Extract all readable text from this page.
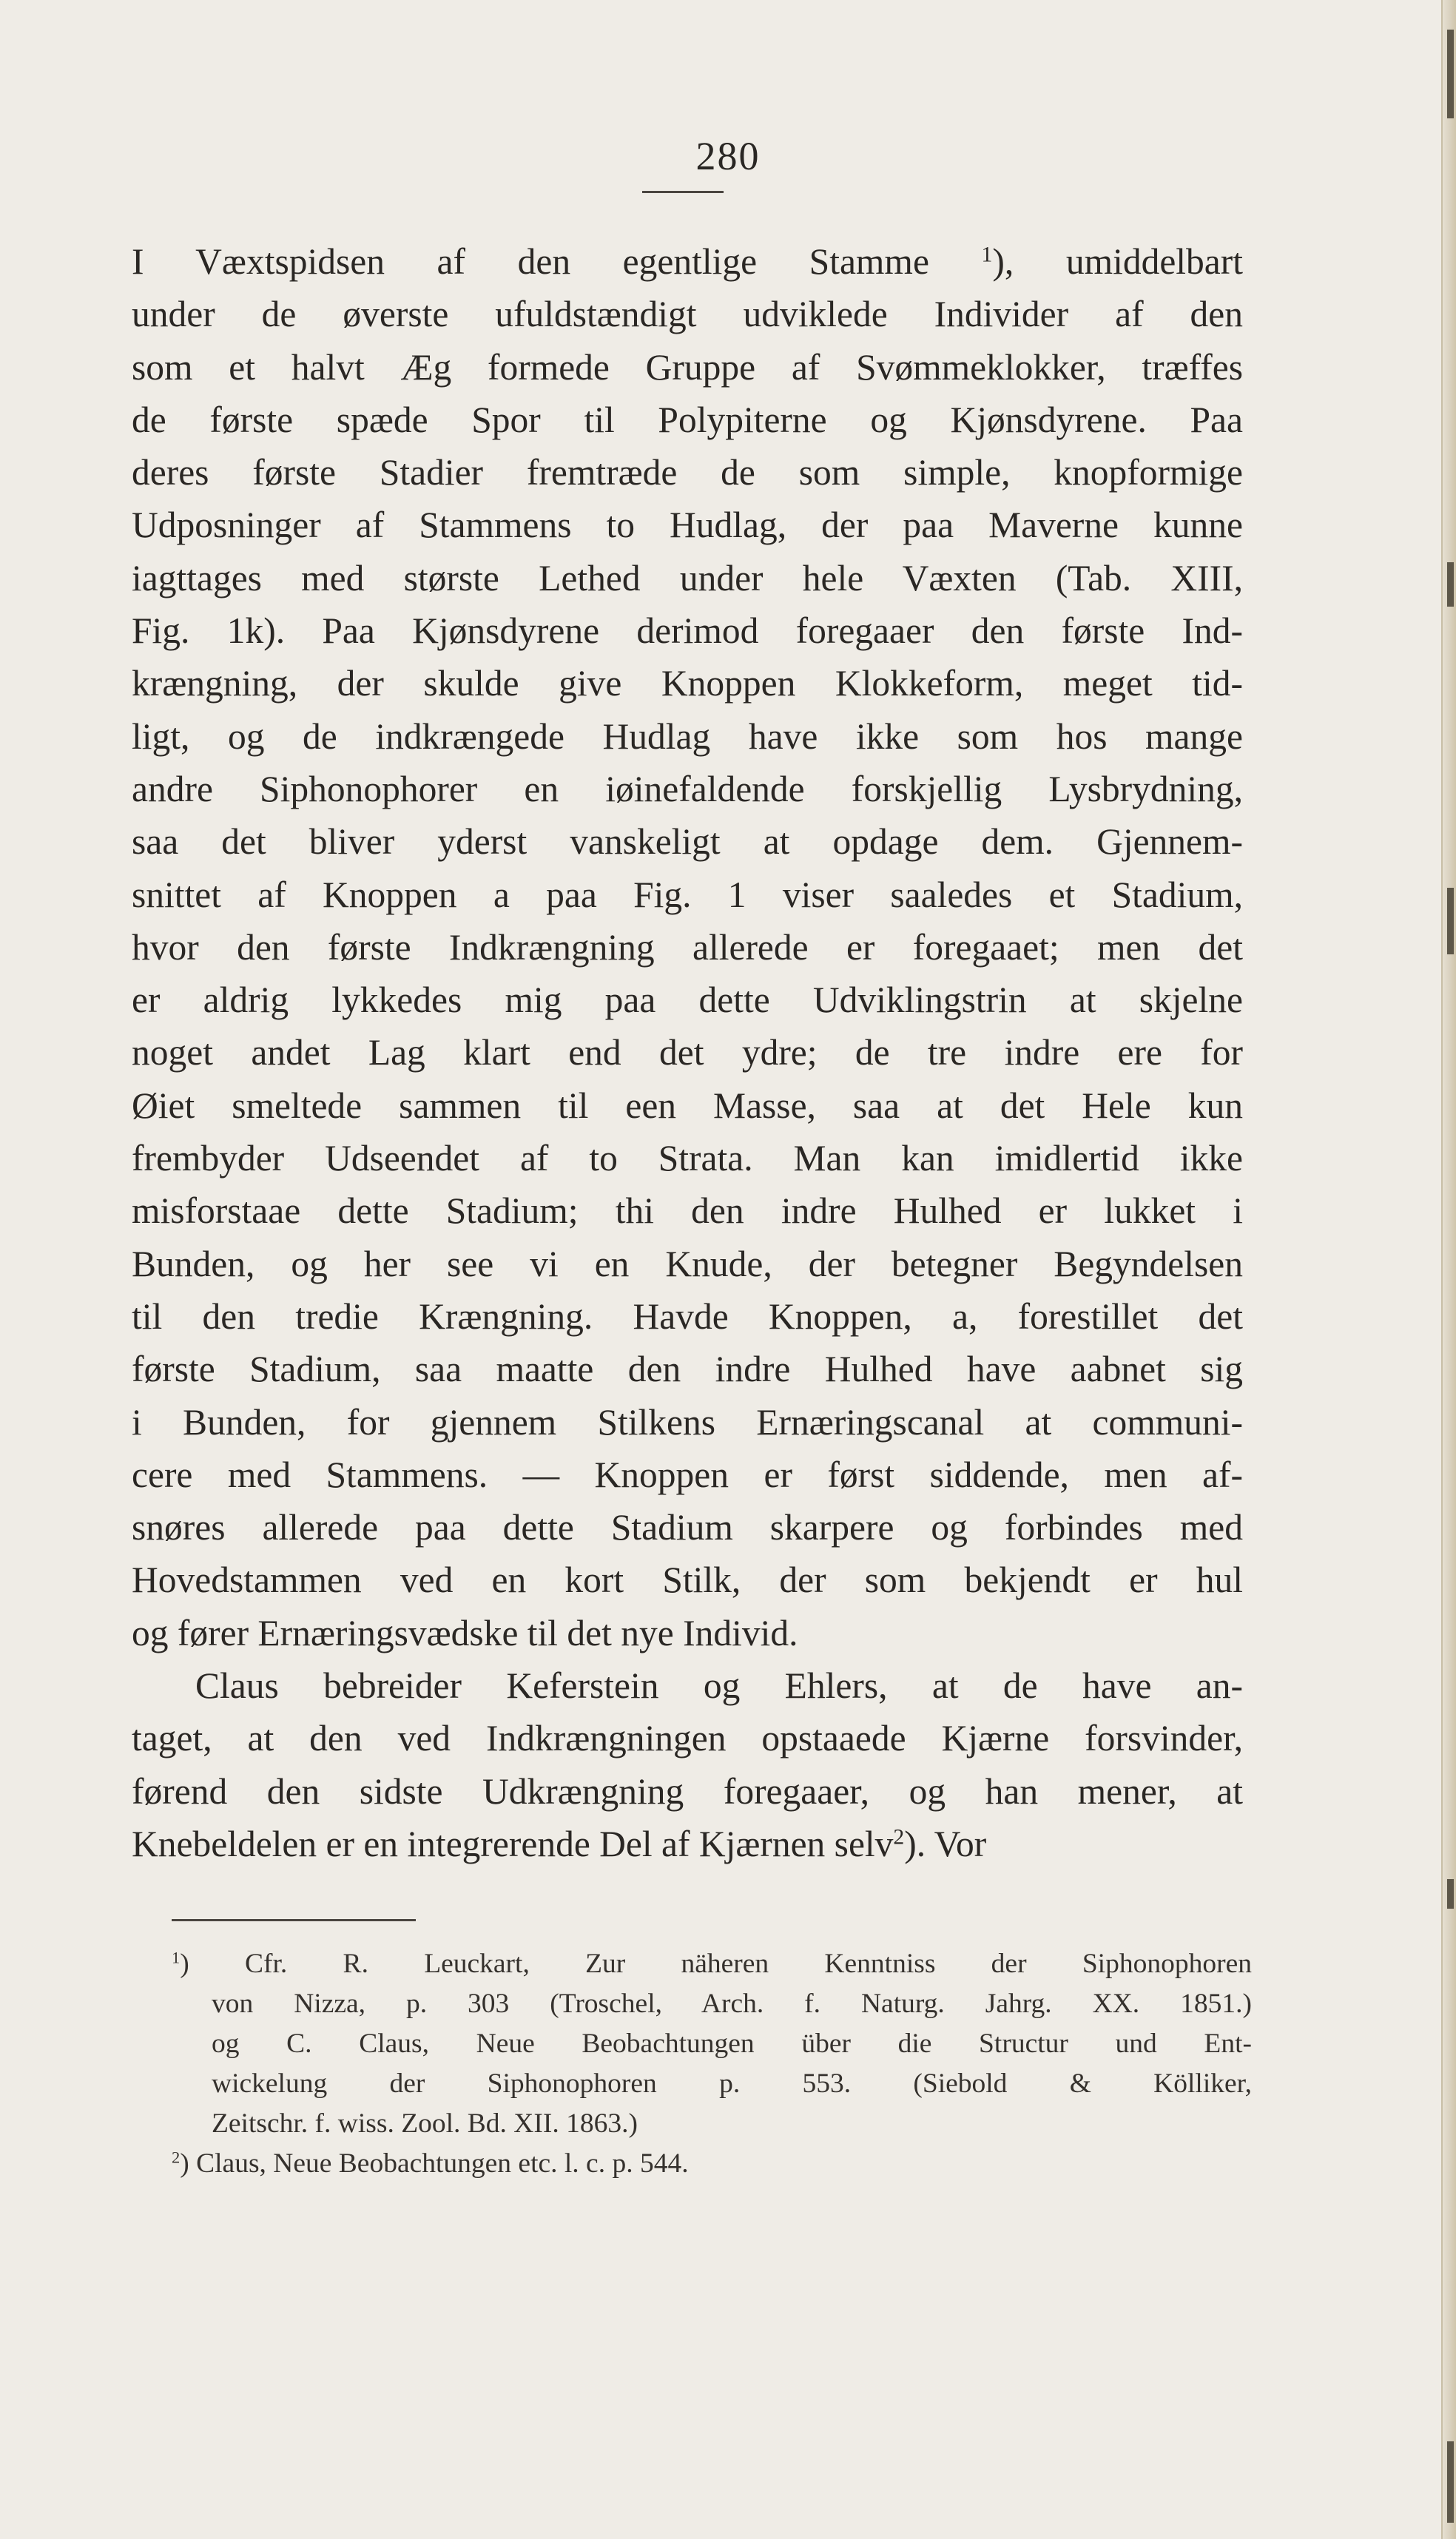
280
I Væxtspidsen af den egentlige Stamme $^1$), umiddelbart
under de øverste ufuldstændigt udviklede Individer af den
som et halvt Æg formede Gruppe af Svømmeklokker, træffes
de første spæde Spor til Polypiterne og Kjønsdyrene. Paa
deres første Stadier fremtræde de som simple, knopformige
Udposninger af Stammens to Hudlag, der paa Maverne kunne
iagttages med største Lethed under hele Væxten (Tab. XIII,
Fig. 1k). Paa Kjønsdyrene derimod foregaaer den første Ind-
krængning, der skulde give Knoppen Klokkeform, meget tid-
ligt, og de indkrængede Hudlag have ikke som hos mange
andre Siphonophorer en iøinefaldende forskjellig Lysbrydning,
saa det bliver yderst vanskeligt at opdage dem. Gjennem-
snittet af Knoppen a paa Fig. 1 viser saaledes et Stadium,
hvor den første Indkrængning allerede er foregaaet; men det
er aldrig lykkedes mig paa dette Udviklingstrin at skjelne
noget andet Lag klart end det ydre; de tre indre ere for
Øiet smeltede sammen til een Masse, saa at det Hele kun
frembyder Udseendet af to Strata. Man kan imidlertid ikke
misforstaae dette Stadium; thi den indre Hulhed er lukket i
Bunden, og her see vi en Knude, der betegner Begyndelsen
til den tredie Krængning. Havde Knoppen, a, forestillet det
første Stadium, saa maatte den indre Hulhed have aabnet sig
i Bunden, for gjennem Stilkens Ernæringscanal at communi-
cere med Stammens. — Knoppen er først siddende, men af-
snøres allerede paa dette Stadium skarpere og forbindes med
Hovedstammen ved en kort Stilk, der som bekjendt er hul
og fører Ernæringsvædske til det nye Individ.
Claus bebreider Keferstein og Ehlers, at de have an-
taget, at den ved Indkrængningen opstaaede Kjærne forsvinder,
førend den sidste Udkrængning foregaaer, og han mener, at
Knebeldelen er en integrerende Del af Kjærnen selv$^2$). Vor
$^1$) Cfr. R. Leuckart, Zur näheren Kenntniss der Siphonophoren
von Nizza, p. 303 (Troschel, Arch. f. Naturg. Jahrg. XX. 1851.)
og C. Claus, Neue Beobachtungen über die Structur und Ent-
wickelung der Siphonophoren p. 553. (Siebold & Kölliker,
Zeitschr. f. wiss. Zool. Bd. XII. 1863.)
$^2$) Claus, Neue Beobachtungen etc. l. c. p. 544.
